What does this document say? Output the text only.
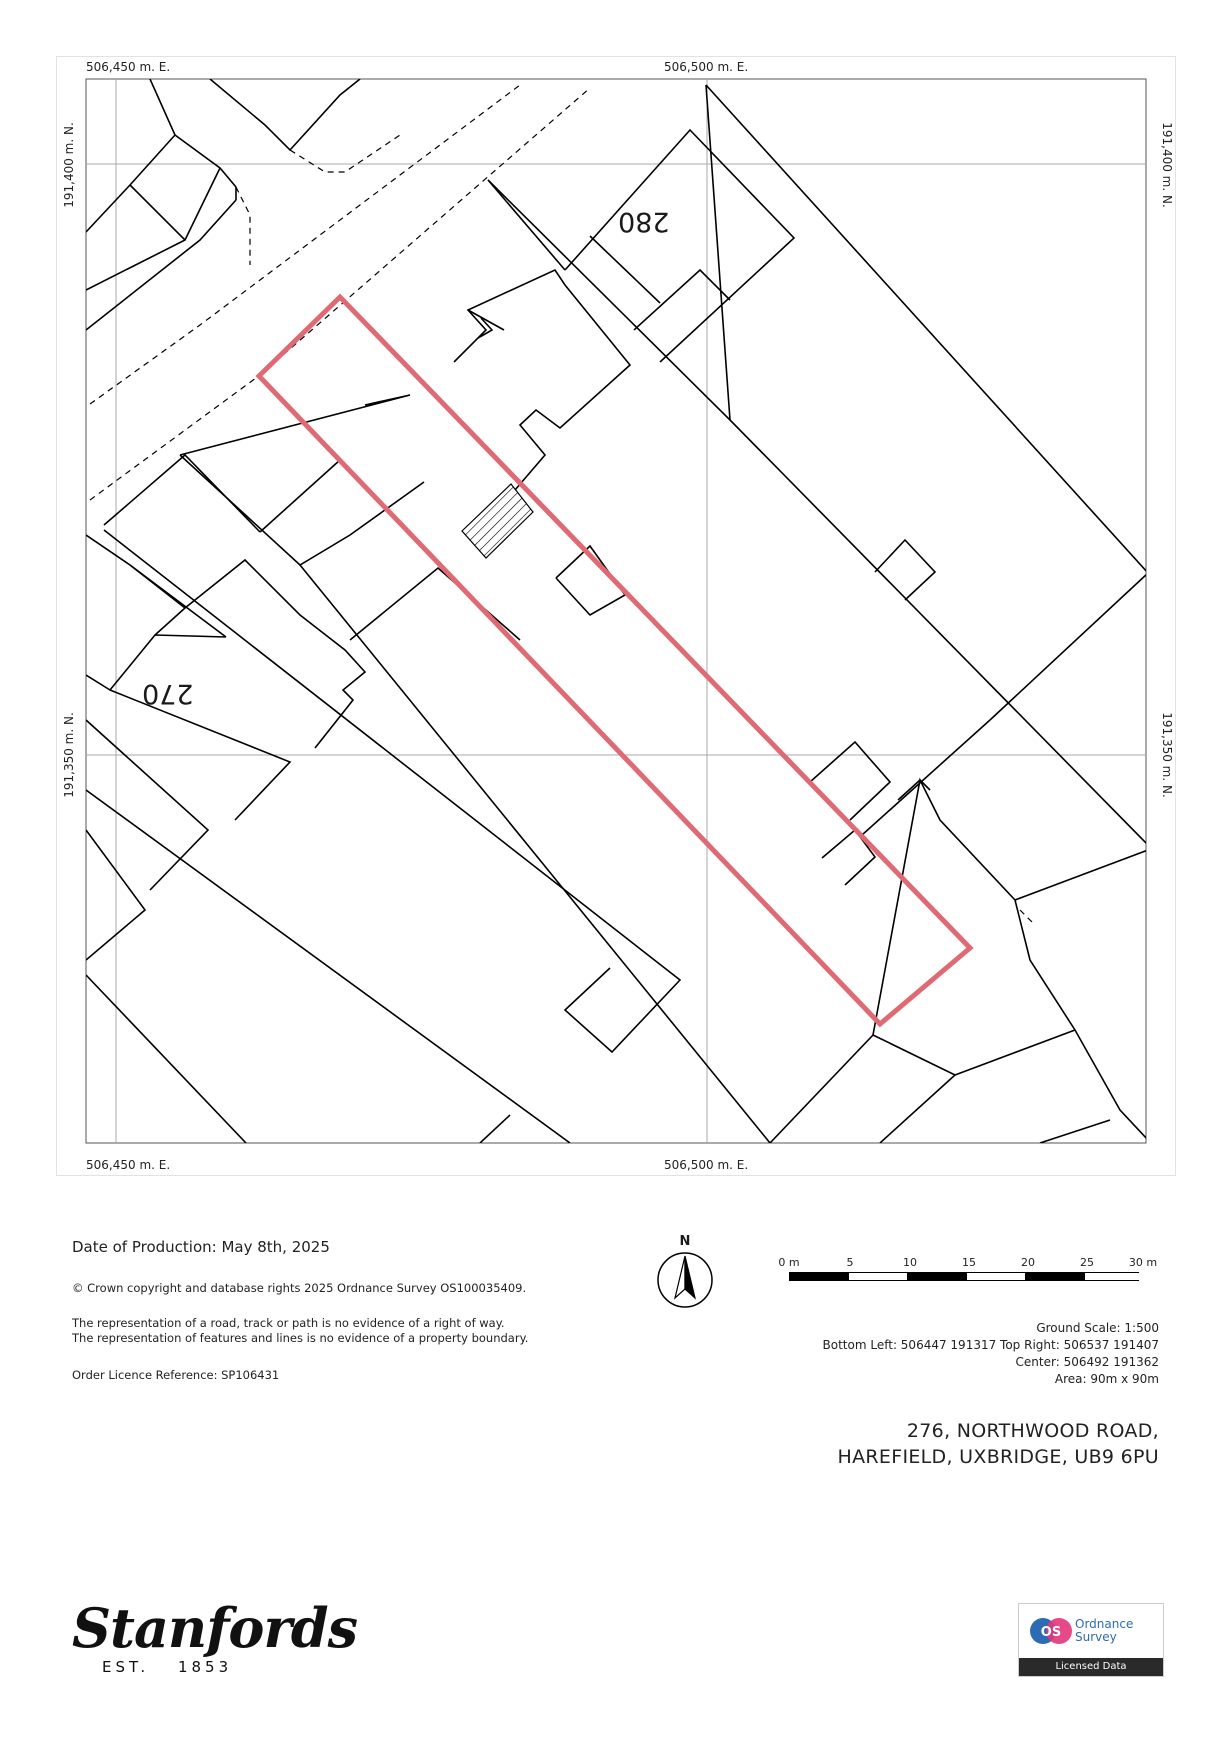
280
270
506,450 m. E.	506,500 m. E.
506,450 m. E.	506,500 m. E.
191,400 m. N.
191,350 m. N.
191,400 m. N.
191,350 m. N.
Date of Production: May 8th, 2025
© Crown copyright and database rights 2025 Ordnance Survey OS100035409.
The representation of a road, track or path is no evidence of a right of way.
The representation of features and lines is no evidence of a property boundary.
Order Licence Reference: SP106431
N
0 m	5	10	15	20	25	30 m
Ground Scale: 1:500
Bottom Left: 506447 191317 Top Right: 506537 191407
Center: 506492 191362
Area: 90m x 90m
276, NORTHWOOD ROAD,
HAREFIELD, UXBRIDGE, UB9 6PU
Stanfords
EST. 1853
OS
Ordnance
Survey
Licensed Data
